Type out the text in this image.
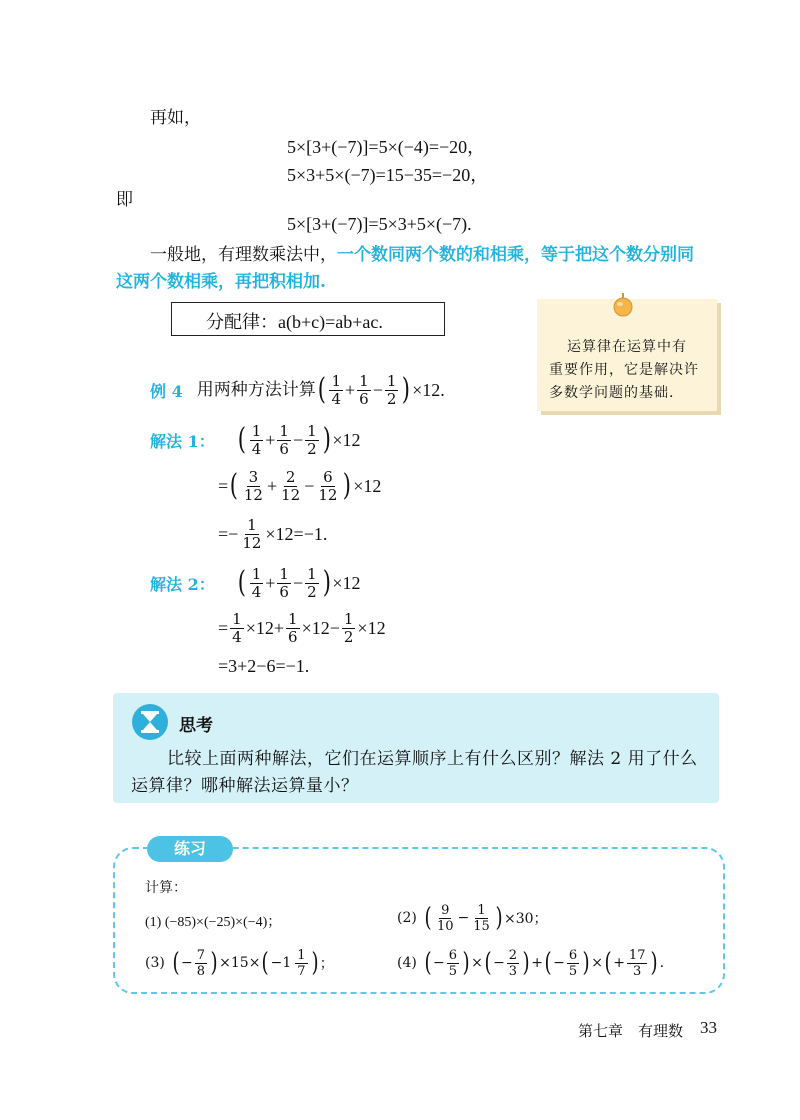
再如，
5×[3+(−7)]=5×(−4)=−20，
5×3+5×(−7)=15−35=−20，
即
5×[3+(−7)]=5×3+5×(−7).
一般地，有理数乘法中，一个数同两个数的和相乘，等于把这个数分别同
这两个数相乘，再把积相加.
分配律：a(b+c)=ab+ac.
运算律在运算中有
重要作用，它是解决许
多数学问题的基础.
例 4 用两种方法计算 ( $\frac{1}{4} + \frac{1}{6} - \frac{1}{2}$ ) ×12.
解法 1： ( $\frac{1}{4} + \frac{1}{6} - \frac{1}{2}$ ) ×12
= ( $\frac{3}{12} + \frac{2}{12} - \frac{6}{12}$ ) ×12
=− $\frac{1}{12} \times 12=-1$.
解法 2： ( $\frac{1}{4} + \frac{1}{6} - \frac{1}{2}$ ) ×12
= $\frac{1}{4} \times 12+ \frac{1}{6} \times 12- \frac{1}{2} \times 12$
=3+2−6=−1.
思考
比较上面两种解法，它们在运算顺序上有什么区别？解法 2 用了什么
运算律？哪种解法运算量小？
练习
计算：
(1) (−85)×(−25)×(−4)；	(2) ( $\frac{9}{10} - \frac{1}{15}$ ) ×30；
(3) ( − $\frac{7}{8}$ ) ×15× ( $-1 \frac{1}{7}$ ) ；	(4) ( − $\frac{6}{5}$ ) × ( − $\frac{2}{3}$ ) + ( − $\frac{6}{5}$ ) × ( + $\frac{17}{3}$ ) .
第七章　有理数 33
